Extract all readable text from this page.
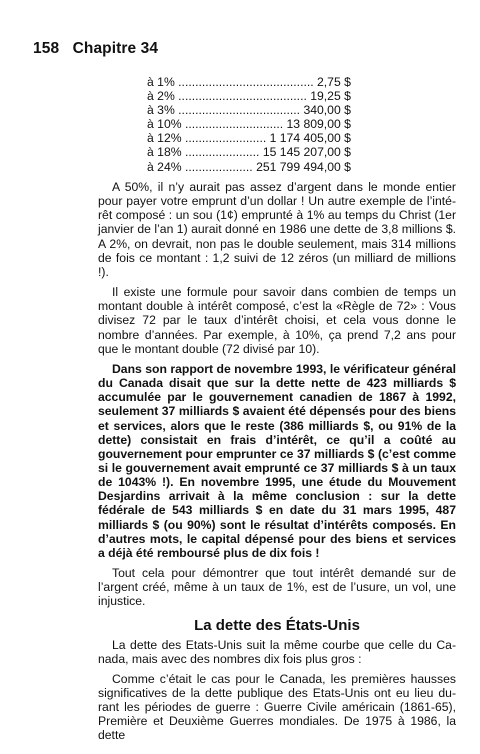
158 Chapitre 34
à 1% ........................................ 2,75 $
à 2% ...................................... 19,25 $
à 3% .................................... 340,00 $
à 10% ............................. 13 809,00 $
à 12% ........................ 1 174 405,00 $
à 18% ...................... 15 145 207,00 $
à 24% .................... 251 799 494,00 $

A 50%, il n’y aurait pas assez d’argent dans le monde entier pour payer votre emprunt d’un dollar ! Un autre exemple de l’intérêt composé : un sou (1¢) emprunté à 1% au temps du Christ (1er janvier de l’an 1) aurait donné en 1986 une dette de 3,8 millions $. A 2%, on devrait, non pas le double seulement, mais 314 millions de fois ce montant : 1,2 suivi de 12 zéros (un milliard de millions !).

Il existe une formule pour savoir dans combien de temps un montant double à intérêt composé, c’est la «Règle de 72» : Vous divisez 72 par le taux d’intérêt choisi, et cela vous donne le nombre d’années. Par exemple, à 10%, ça prend 7,2 ans pour que le montant double (72 divisé par 10).

Dans son rapport de novembre 1993, le vérificateur général du Canada disait que sur la dette nette de 423 milliards $ accumulée par le gouvernement canadien de 1867 à 1992, seulement 37 milliards $ avaient été dépensés pour des biens et services, alors que le reste (386 milliards $, ou 91% de la dette) consistait en frais d’intérêt, ce qu’il a coûté au gouvernement pour emprunter ce 37 milliards $ (c’est comme si le gouvernement avait emprunté ce 37 milliards $ à un taux de 1043% !). En novembre 1995, une étude du Mouvement Desjardins arrivait à la même conclusion : sur la dette fédérale de 543 milliards $ en date du 31 mars 1995, 487 milliards $ (ou 90%) sont le résultat d’intérêts composés. En d’autres mots, le capital dépensé pour des biens et services a déjà été remboursé plus de dix fois !

Tout cela pour démontrer que tout intérêt demandé sur de l’argent créé, même à un taux de 1%, est de l’usure, un vol, une injustice.

La dette des États-Unis

La dette des Etats-Unis suit la même courbe que celle du Canada, mais avec des nombres dix fois plus gros :

Comme c’était le cas pour le Canada, les premières hausses significatives de la dette publique des Etats-Unis ont eu lieu durant les périodes de guerre : Guerre Civile américain (1861-65), Première et Deuxième Guerres mondiales. De 1975 à 1986, la dette
